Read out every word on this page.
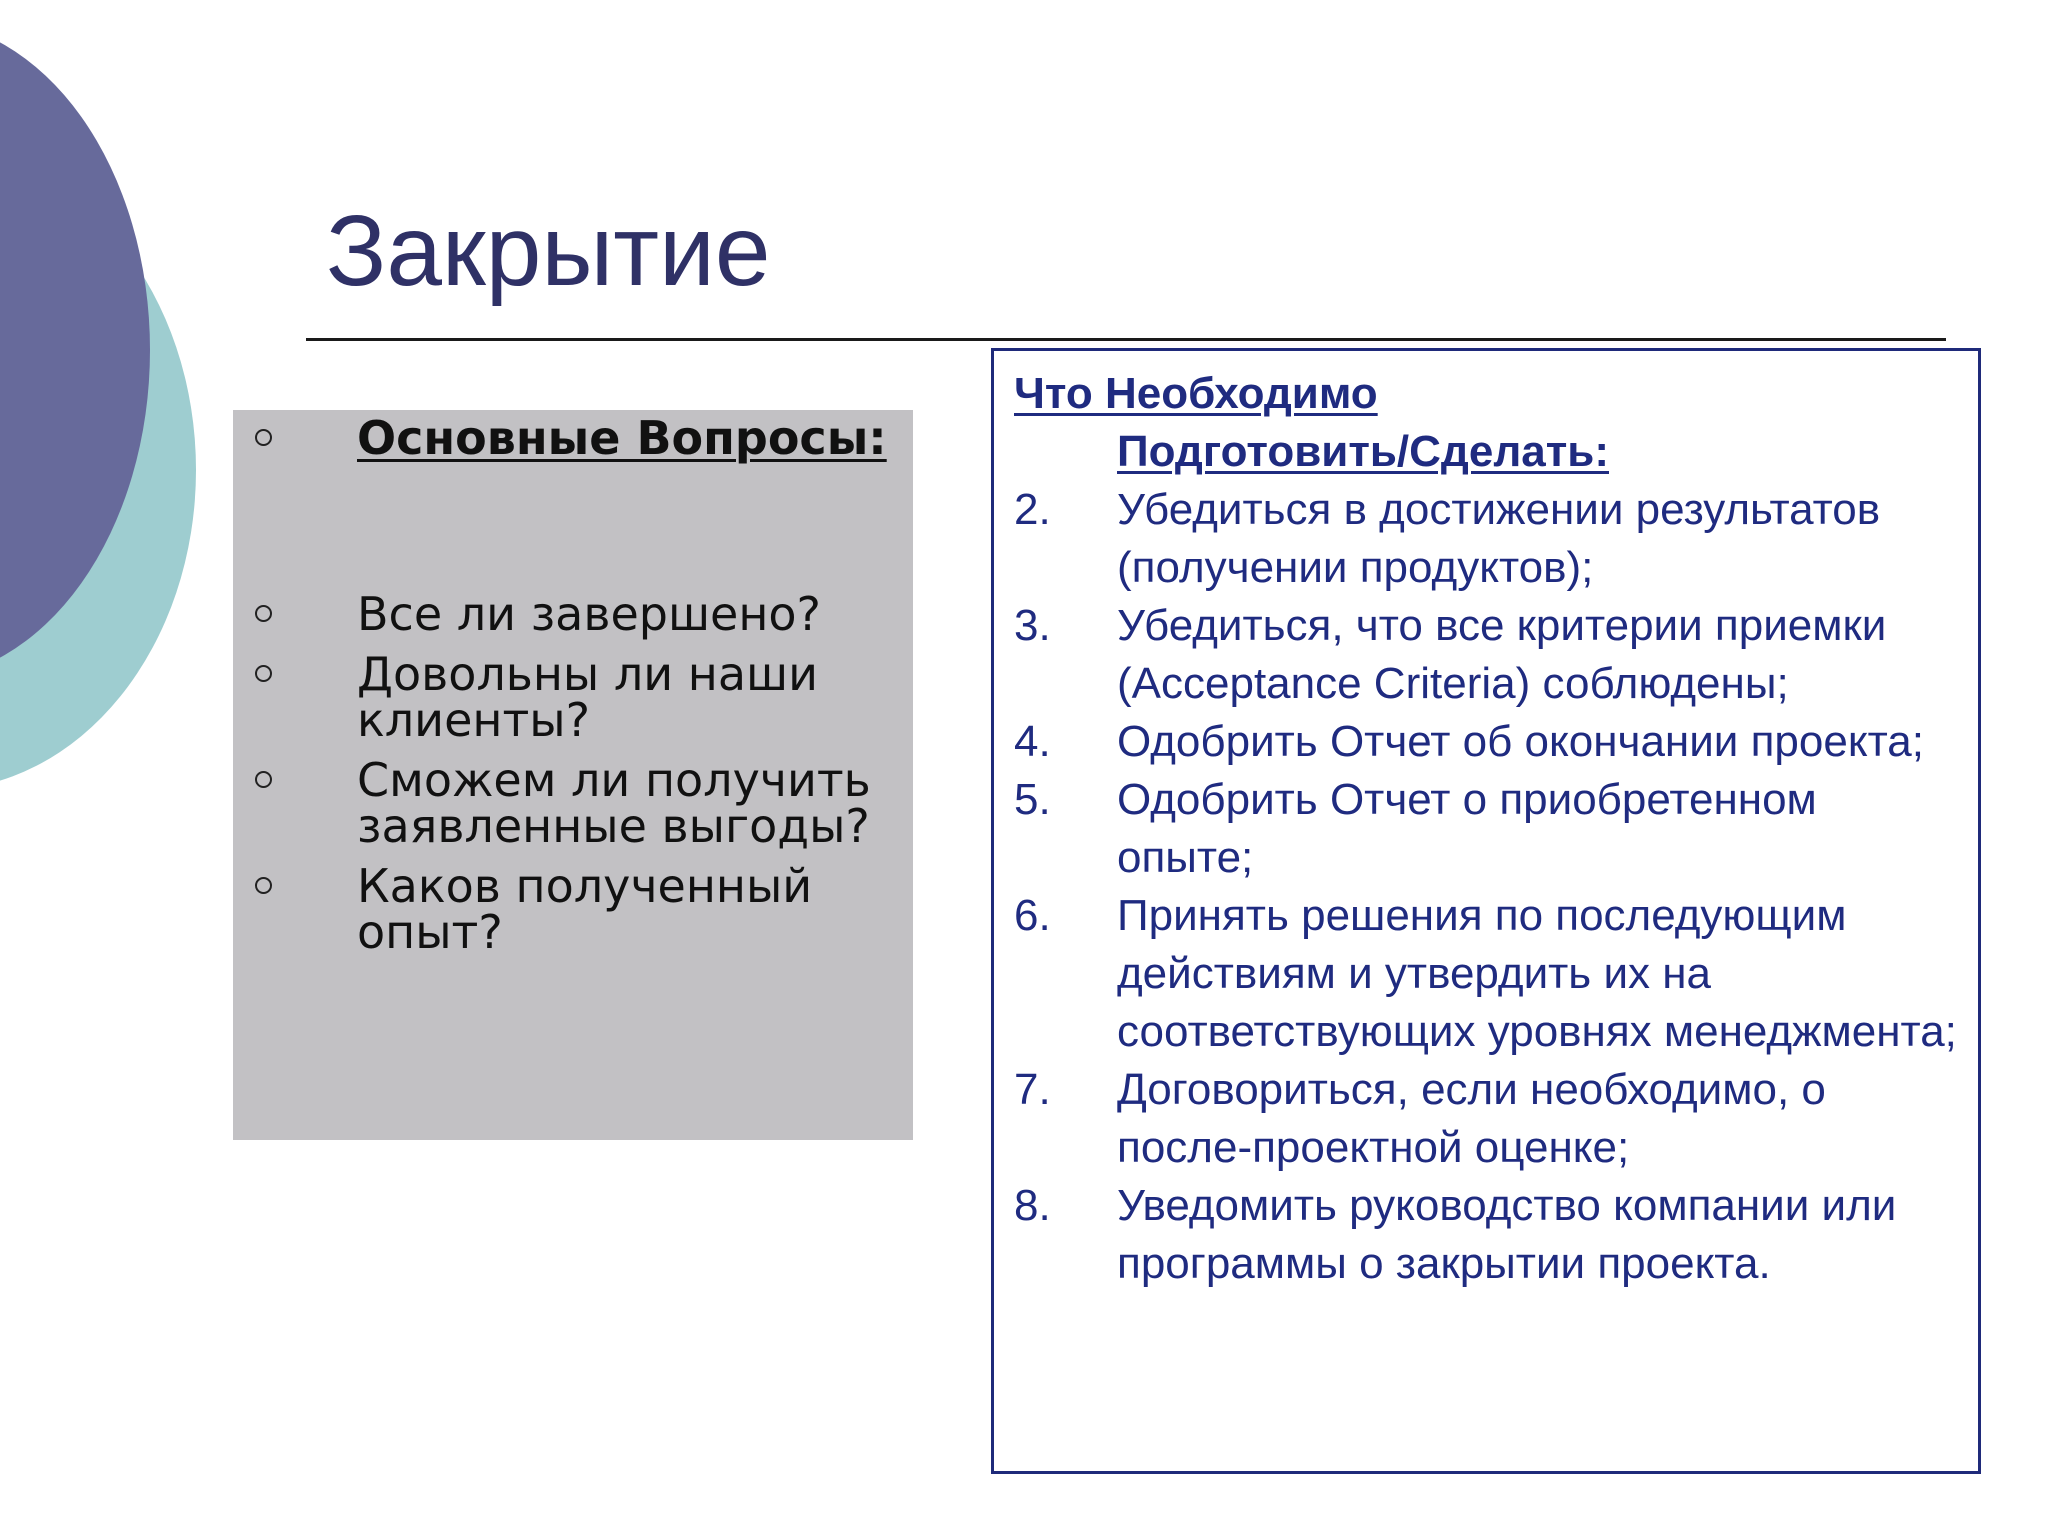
Закрытие
Основные Вопросы:
Все ли завершено?
Довольны ли наши клиенты?
Сможем ли получить заявленные выгоды?
Каков полученный опыт?
Что Необходимо
Подготовить/Сделать:
2. Убедиться в достижении результатов (получении продуктов);
3. Убедиться, что все критерии приемки (Acceptance Criteria) соблюдены;
4. Одобрить Отчет об окончании проекта;
5. Одобрить Отчет о приобретенном опыте;
6. Принять решения по последующим действиям и утвердить их на соответствующих уровнях менеджмента;
7. Договориться, если необходимо, о после-проектной оценке;
8. Уведомить руководство компании или программы о закрытии проекта.
